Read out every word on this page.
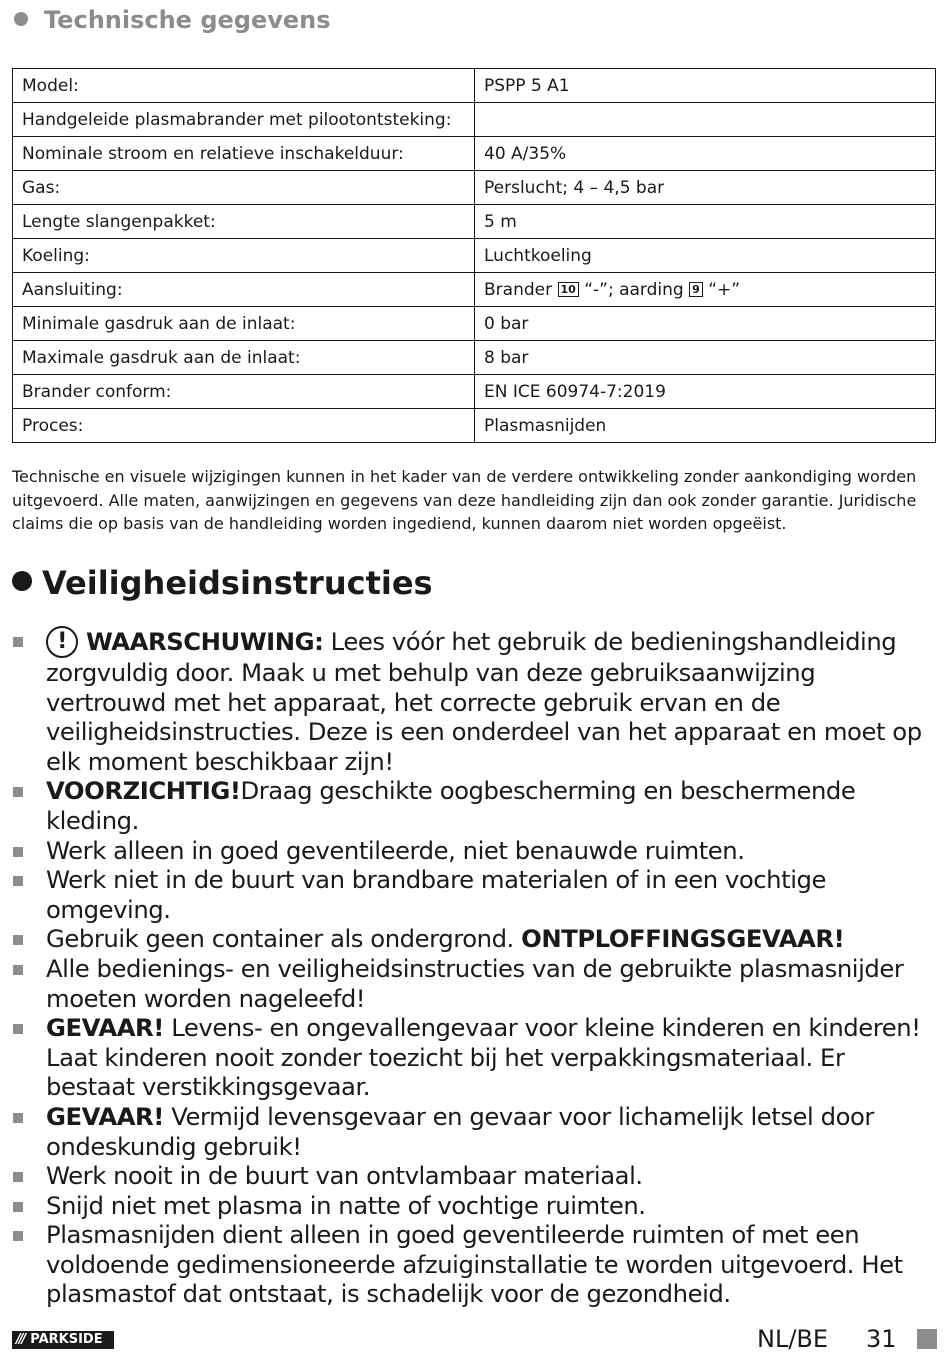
Technische gegevens
Model:	PSPP 5 A1
Handgeleide plasmabrander met pilootontsteking:	
Nominale stroom en relatieve inschakelduur:	40 A/35%
Gas:	Perslucht; 4 – 4,5 bar
Lengte slangenpakket:	5 m
Koeling:	Luchtkoeling
Aansluiting:	Brander 10 “-”; aarding 9 “+”
Minimale gasdruk aan de inlaat:	0 bar
Maximale gasdruk aan de inlaat:	8 bar
Brander conform:	EN ICE 60974-7:2019
Proces:	Plasmasnijden

Technische en visuele wijzigingen kunnen in het kader van de verdere ontwikkeling zonder aankondiging worden uitgevoerd. Alle maten, aanwijzingen en gegevens van deze handleiding zijn dan ook zonder garantie. Juridische claims die op basis van de handleiding worden ingediend, kunnen daarom niet worden opgeëist.

Veiligheidsinstructies
! WAARSCHUWING: Lees vóór het gebruik de bedieningshandleiding zorgvuldig door. Maak u met behulp van deze gebruiksaanwijzing vertrouwd met het apparaat, het correcte gebruik ervan en de veiligheidsinstructies. Deze is een onderdeel van het apparaat en moet op elk moment beschikbaar zijn!
VOORZICHTIG!Draag geschikte oogbescherming en beschermende kleding.
Werk alleen in goed geventileerde, niet benauwde ruimten.
Werk niet in de buurt van brandbare materialen of in een vochtige omgeving.
Gebruik geen container als ondergrond. ONTPLOFFINGSGEVAAR!
Alle bedienings- en veiligheidsinstructies van de gebruikte plasmasnijder moeten worden nageleefd!
GEVAAR! Levens- en ongevallengevaar voor kleine kinderen en kinderen! Laat kinderen nooit zonder toezicht bij het verpakkingsmateriaal. Er bestaat verstikkingsgevaar.
GEVAAR! Vermijd levensgevaar en gevaar voor lichamelijk letsel door ondeskundig gebruik!
Werk nooit in de buurt van ontvlambaar materiaal.
Snijd niet met plasma in natte of vochtige ruimten.
Plasmasnijden dient alleen in goed geventileerde ruimten of met een voldoende gedimensioneerde afzuiginstallatie te worden uitgevoerd. Het plasmastof dat ontstaat, is schadelijk voor de gezondheid.
/// PARKSIDE	NL/BE 31
